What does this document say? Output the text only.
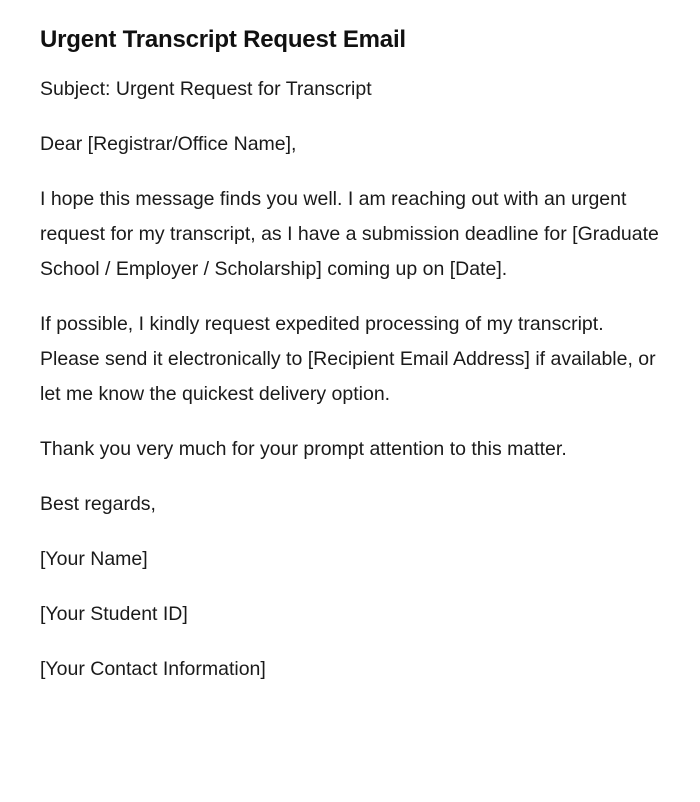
Urgent Transcript Request Email

Subject: Urgent Request for Transcript

Dear [Registrar/Office Name],

I hope this message finds you well. I am reaching out with an urgent request for my transcript, as I have a submission deadline for [Graduate School / Employer / Scholarship] coming up on [Date].

If possible, I kindly request expedited processing of my transcript. Please send it electronically to [Recipient Email Address] if available, or let me know the quickest delivery option.

Thank you very much for your prompt attention to this matter.

Best regards,

[Your Name]

[Your Student ID]

[Your Contact Information]
